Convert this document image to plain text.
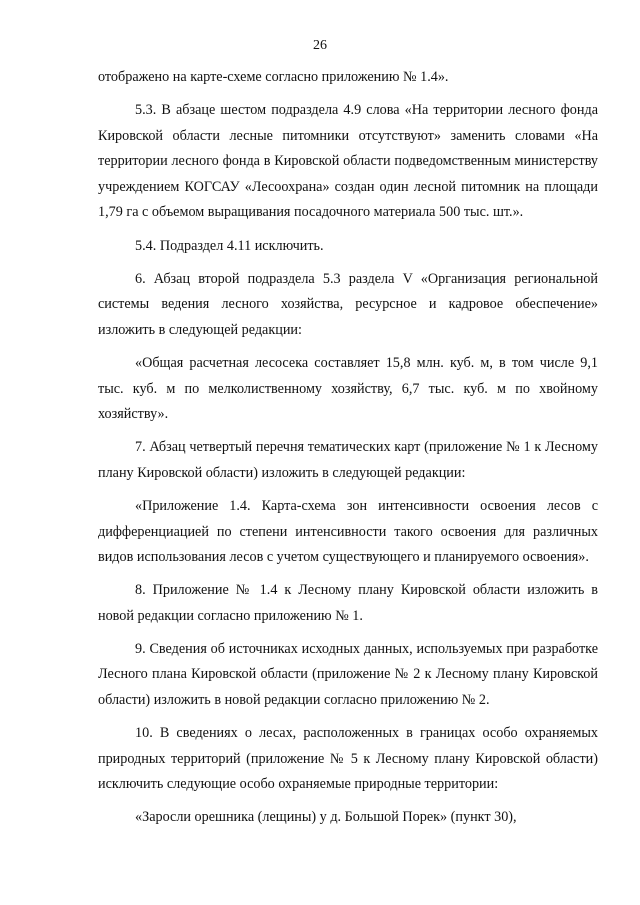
26

отображено на карте-схеме согласно приложению № 1.4».

5.3. В абзаце шестом подраздела 4.9 слова «На территории лесного фонда Кировской области лесные питомники отсутствуют» заменить словами «На территории лесного фонда в Кировской области подведомственным министерству учреждением КОГСАУ «Лесоохрана» создан один лесной питомник на площади 1,79 га с объемом выращивания посадочного материала 500 тыс. шт.».

5.4. Подраздел 4.11 исключить.

6. Абзац второй подраздела 5.3 раздела V «Организация региональной системы ведения лесного хозяйства, ресурсное и кадровое обеспечение» изложить в следующей редакции:

«Общая расчетная лесосека составляет 15,8 млн. куб. м, в том числе 9,1 тыс. куб. м по мелколиственному хозяйству, 6,7 тыс. куб. м по хвойному хозяйству».

7. Абзац четвертый перечня тематических карт (приложение № 1 к Лесному плану Кировской области) изложить в следующей редакции:

«Приложение 1.4. Карта-схема зон интенсивности освоения лесов с дифференциацией по степени интенсивности такого освоения для различных видов использования лесов с учетом существующего и планируемого освоения».

8. Приложение № 1.4 к Лесному плану Кировской области изложить в новой редакции согласно приложению № 1.

9. Сведения об источниках исходных данных, используемых при разработке Лесного плана Кировской области (приложение № 2 к Лесному плану Кировской области) изложить в новой редакции согласно приложению № 2.

10. В сведениях о лесах, расположенных в границах особо охраняемых природных территорий (приложение № 5 к Лесному плану Кировской области) исключить следующие особо охраняемые природные территории:

«Заросли орешника (лещины) у д. Большой Порек» (пункт 30),
